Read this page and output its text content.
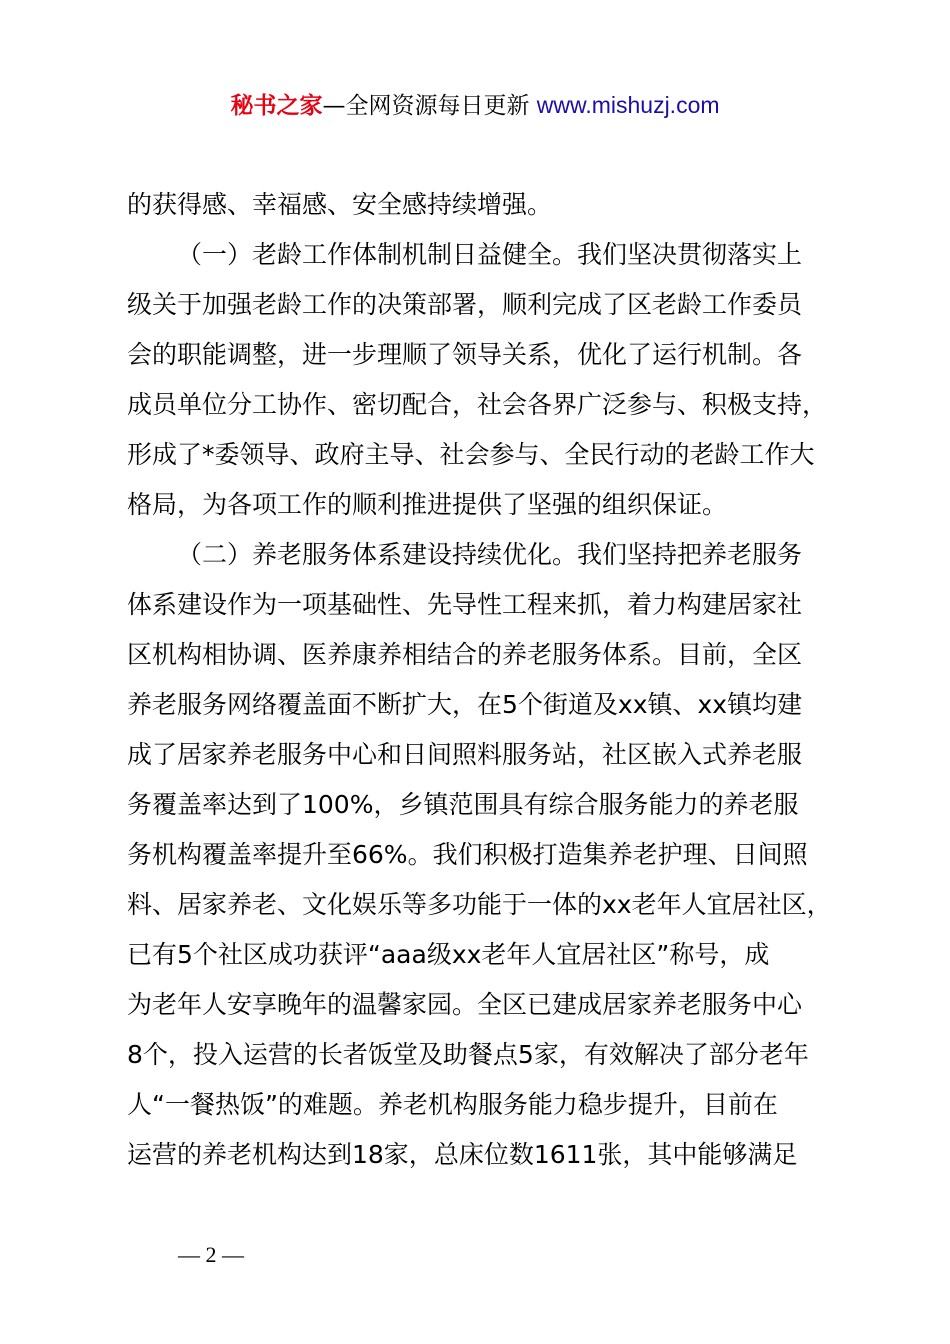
秘书之家—全网资源每日更新 www.mishuzj.com
的获得感、幸福感、安全感持续增强。
（一）老龄工作体制机制日益健全。我们坚决贯彻落实上
级关于加强老龄工作的决策部署，顺利完成了区老龄工作委员
会的职能调整，进一步理顺了领导关系，优化了运行机制。各
成员单位分工协作、密切配合，社会各界广泛参与、积极支持，
形成了*委领导、政府主导、社会参与、全民行动的老龄工作大
格局，为各项工作的顺利推进提供了坚强的组织保证。
（二）养老服务体系建设持续优化。我们坚持把养老服务
体系建设作为一项基础性、先导性工程来抓，着力构建居家社
区机构相协调、医养康养相结合的养老服务体系。目前，全区
养老服务网络覆盖面不断扩大，在5个街道及xx镇、xx镇均建
成了居家养老服务中心和日间照料服务站，社区嵌入式养老服
务覆盖率达到了100%，乡镇范围具有综合服务能力的养老服
务机构覆盖率提升至66%。我们积极打造集养老护理、日间照
料、居家养老、文化娱乐等多功能于一体的xx老年人宜居社区，
已有5个社区成功获评“aaa级xx老年人宜居社区”称号，成
为老年人安享晚年的温馨家园。全区已建成居家养老服务中心
8个，投入运营的长者饭堂及助餐点5家，有效解决了部分老年
人“一餐热饭”的难题。养老机构服务能力稳步提升，目前在
运营的养老机构达到18家，总床位数1611张，其中能够满足
— 2 —
